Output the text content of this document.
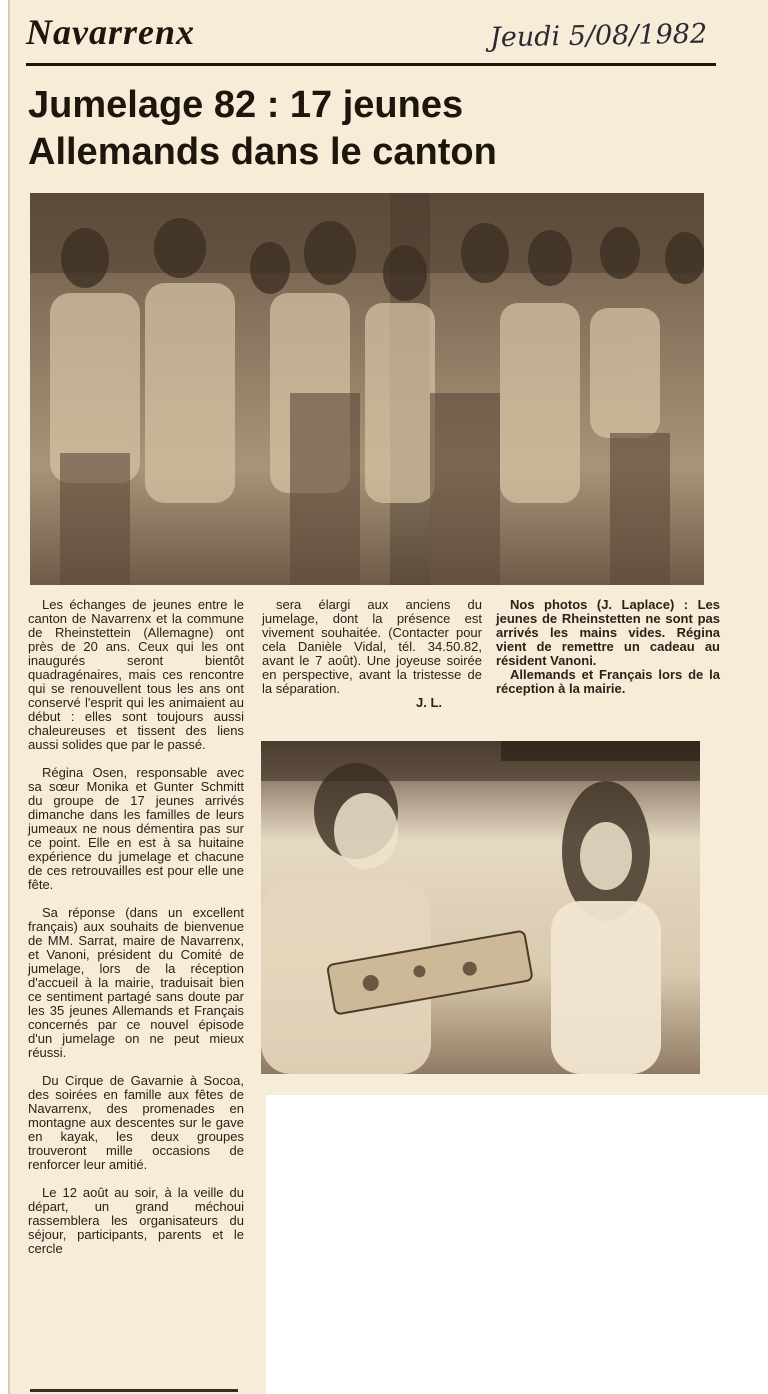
Navarrenx	Jeudi 5/08/1982
Jumelage 82 : 17 jeunes
Allemands dans le canton

Les échanges de jeunes entre le canton de Navarrenx et la commune de Rheinstettein (Allemagne) ont près de 20 ans. Ceux qui les ont inaugurés seront bientôt quadragénaires, mais ces rencontre qui se renouvellent tous les ans ont conservé l'esprit qui les animaient au début : elles sont toujours aussi chaleureuses et tissent des liens aussi solides que par le passé.

Régina Osen, responsable avec sa sœur Monika et Gunter Schmitt du groupe de 17 jeunes arrivés dimanche dans les familles de leurs jumeaux ne nous démentira pas sur ce point. Elle en est à sa huitaine expérience du jumelage et chacune de ces retrouvailles est pour elle une fête.

Sa réponse (dans un excellent français) aux souhaits de bienvenue de MM. Sarrat, maire de Navarrenx, et Vanoni, président du Comité de jumelage, lors de la réception d'accueil à la mairie, traduisait bien ce sentiment partagé sans doute par les 35 jeunes Allemands et Français concernés par ce nouvel épisode d'un jumelage on ne peut mieux réussi.

Du Cirque de Gavarnie à Socoa, des soirées en famille aux fêtes de Navarrenx, des promenades en montagne aux descentes sur le gave en kayak, les deux groupes trouveront mille occasions de renforcer leur amitié.

Le 12 août au soir, à la veille du départ, un grand méchoui rassemblera les organisateurs du séjour, participants, parents et le cercle

sera élargi aux anciens du jumelage, dont la présence est vivement souhaitée. (Contacter pour cela Danièle Vidal, tél. 34.50.82, avant le 7 août). Une joyeuse soirée en perspective, avant la tristesse de la séparation.

J. L.

Nos photos (J. Laplace) : Les jeunes de Rheinstetten ne sont pas arrivés les mains vides. Régina vient de remettre un cadeau au résident Vanoni.

Allemands et Français lors de la réception à la mairie.
